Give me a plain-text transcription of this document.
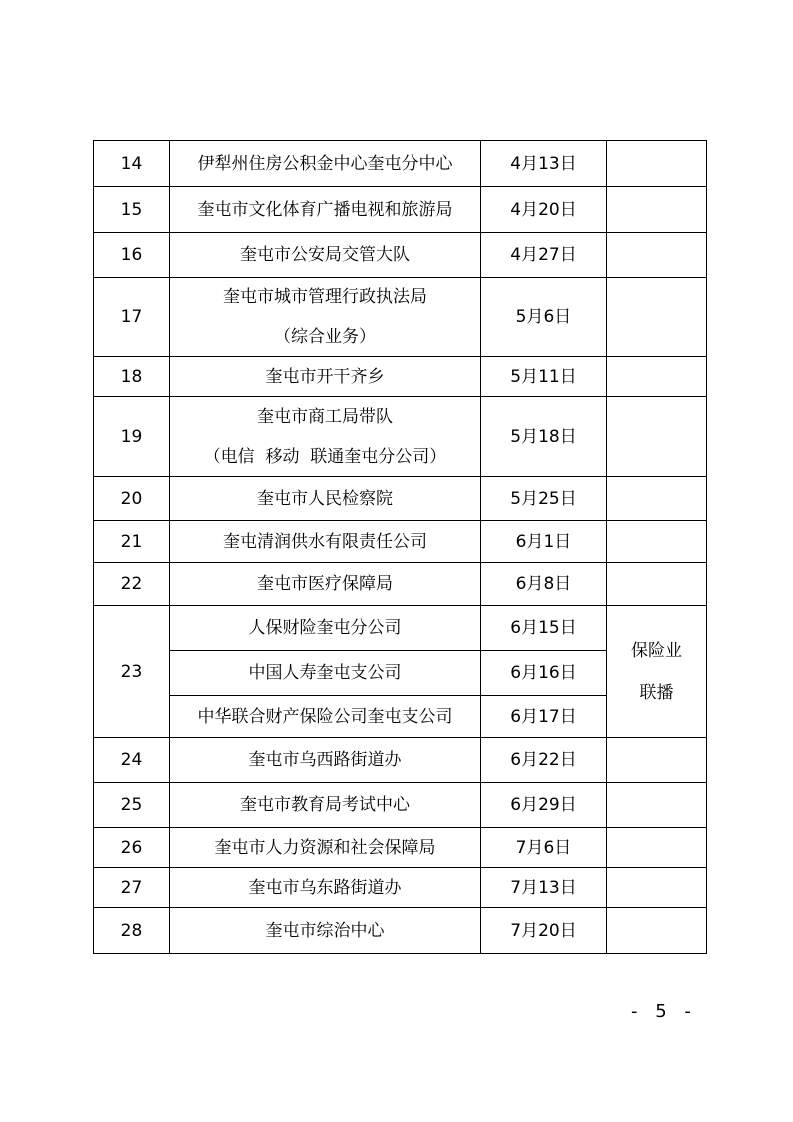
14	伊犁州住房公积金中心奎屯分中心	4月13日	
15	奎屯市文化体育广播电视和旅游局	4月20日	
16	奎屯市公安局交管大队	4月27日	
17	奎屯市城市管理行政执法局
（综合业务）	5月6日	
18	奎屯市开干齐乡	5月11日	
19	奎屯市商工局带队
（电信  移动  联通奎屯分公司）	5月18日	
20	奎屯市人民检察院	5月25日	
21	奎屯清润供水有限责任公司	6月1日	
22	奎屯市医疗保障局	6月8日	
23	人保财险奎屯分公司	6月15日	保险业
联播

	中国人寿奎屯支公司	6月16日	
	中华联合财产保险公司奎屯支公司	6月17日	
24	奎屯市乌西路街道办	6月22日	
25	奎屯市教育局考试中心	6月29日	
26	奎屯市人力资源和社会保障局	7月6日	
27	奎屯市乌东路街道办	7月13日	
28	奎屯市综治中心	7月20日	
- 5 -
